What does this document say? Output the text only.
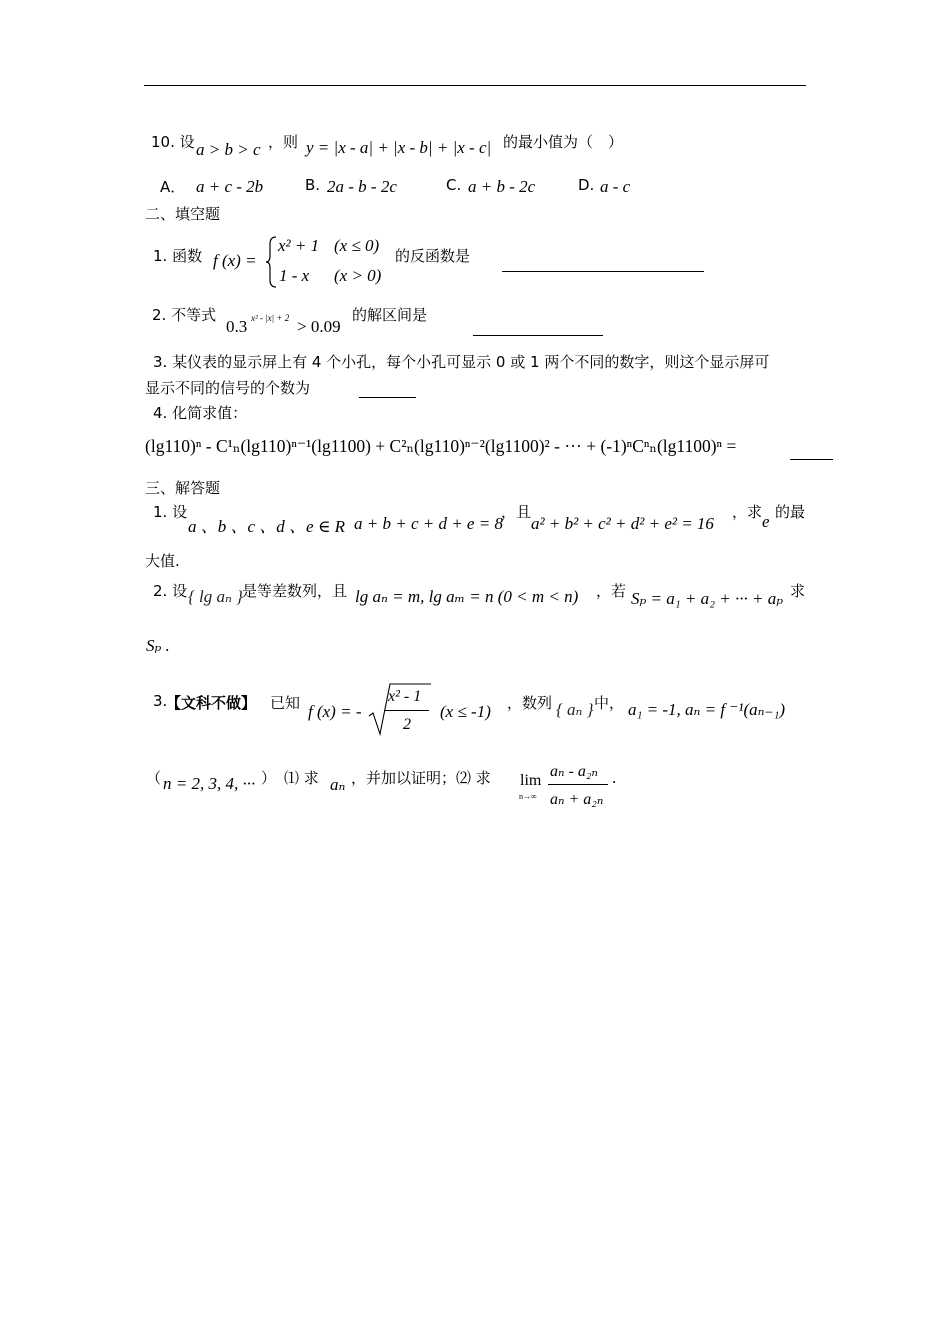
10. 设 a > b > c ，则 y = |x - a| + |x - b| + |x - c| 的最小值为（　）
A． a + c - 2b	B. 2a - b - 2c	C. a + b - 2c	D. a - c
二、填空题
1. 函数 f (x) =
x² + 1 (x ≤ 0)
1 - x (x > 0)
的反函数是
2. 不等式
0.3 x² - |x| + 2 > 0.09
的解区间是
3. 某仪表的显示屏上有 4 个小孔，每个小孔可显示 0 或 1 两个不同的数字，则这个显示屏可
显示不同的信号的个数为
4. 化简求值：
(lg110)ⁿ - C¹ₙ(lg110)ⁿ⁻¹(lg1100) + C²ₙ(lg110)ⁿ⁻²(lg1100)² - ··· + (-1)ⁿCⁿₙ(lg1100)ⁿ =
三、解答题
1. 设
a 、b 、c 、d 、e ∈ R a + b + c + d + e = 8
，且
a² + b² + c² + d² + e² = 16
，求 e 的最
大值.
2. 设 { lg aₙ } 是等差数列，且 lg aₙ = m, lg aₘ = n (0 < m < n) ，若 Sₚ = a₁ + a₂ + ··· + aₚ 求
Sₚ .
3.
【文科不做】 已知 f (x) = -
x² - 1
2
(x ≤ -1) ，数列 { aₙ } 中， a₁ = -1, aₙ = f ⁻¹(aₙ₋₁)
（ n = 2, 3, 4, ··· ） ⑴ 求 aₙ ，并加以证明；⑵ 求 lim
n→∞
aₙ - a₂ₙ
aₙ + a₂ₙ
.
